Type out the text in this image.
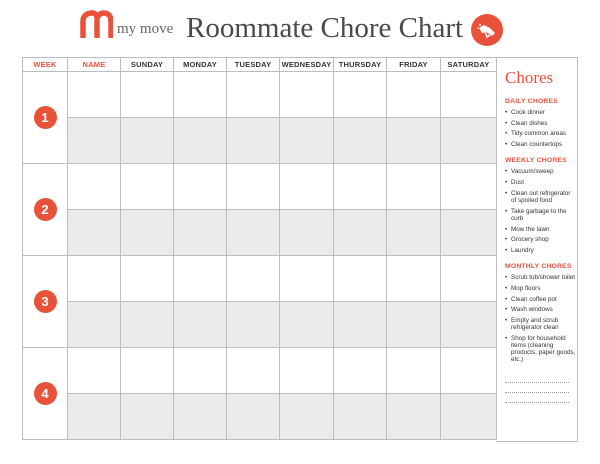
my move Roommate Chore Chart
WEEK	NAME	SUNDAY	MONDAY	TUESDAY	WEDNESDAY	THURSDAY	FRIDAY	SATURDAY
1								

2								

3								

4								

Chores
DAILY CHORES
• Cook dinner
• Clean dishes
• Tidy common areas
• Clean countertops
WEEKLY CHORES
• Vacuum/sweep
• Dust
• Clean out refrigerator of spoiled food
• Take garbage to the curb
• Mow the lawn
• Grocery shop
• Laundry
MONTHLY CHORES
• Scrub tub/shower toilet
• Mop floors
• Clean coffee pot
• Wash windows
• Empty and scrub refrigerator clean
• Shop for household items (cleaning products, paper goods, etc.)
